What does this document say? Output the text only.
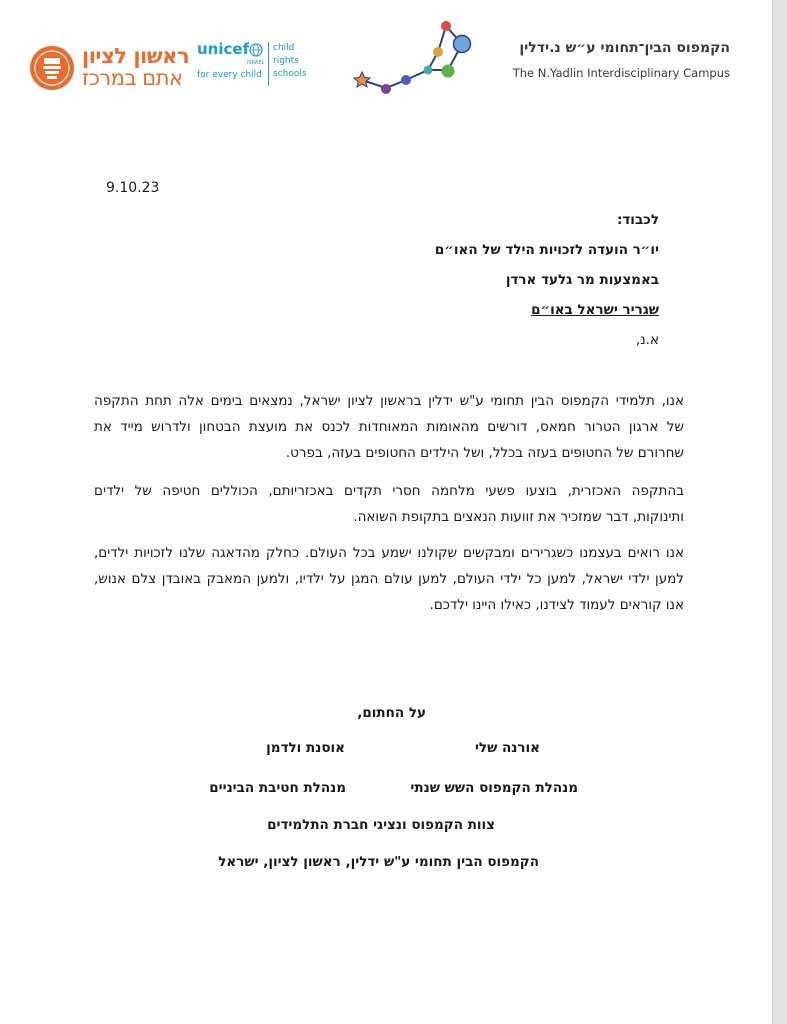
ראשון לציון
אתם במרכז
unicef
ISRAEL
for every child
child
rights
schools
הקמפוס הבין־תחומי ע״ש נ.ידלין
The N.Yadlin Interdisciplinary Campus
9.10.23
לכבוד:
יו״ר הועדה לזכויות הילד של האו״ם
באמצעות מר גלעד ארדן
שגריר ישראל באו״ם
א.נ,
אנו, תלמידי הקמפוס הבין תחומי ע"ש ידלין בראשון לציון ישראל, נמצאים בימים אלה תחת התקפה
של ארגון הטרור חמאס, דורשים מהאומות המאוחדות לכנס את מועצת הבטחון ולדרוש מייד את
שחרורם של החטופים בעזה בכלל, ושל הילדים החטופים בעזה, בפרט.
בהתקפה האכזרית, בוצעו פשעי מלחמה חסרי תקדים באכזריותם, הכוללים חטיפה של ילדים
ותינוקות, דבר שמזכיר את זוועות הנאצים בתקופת השואה.
אנו רואים בעצמנו כשגרירים ומבקשים שקולנו ישמע בכל העולם. כחלק מהדאגה שלנו לזכויות ילדים,
למען ילדי ישראל, למען כל ילדי העולם, למען עולם המגן על ילדיו, ולמען המאבק באובדן צלם אנוש,
אנו קוראים לעמוד לצידנו, כאילו היינו ילדכם.
על החתום,
אורנה שלי
אוסנת ולדמן
מנהלת הקמפוס השש שנתי
מנהלת חטיבת הביניים
צוות הקמפוס ונציגי חברת התלמידים
הקמפוס הבין תחומי ע"ש ידלין, ראשון לציון, ישראל
